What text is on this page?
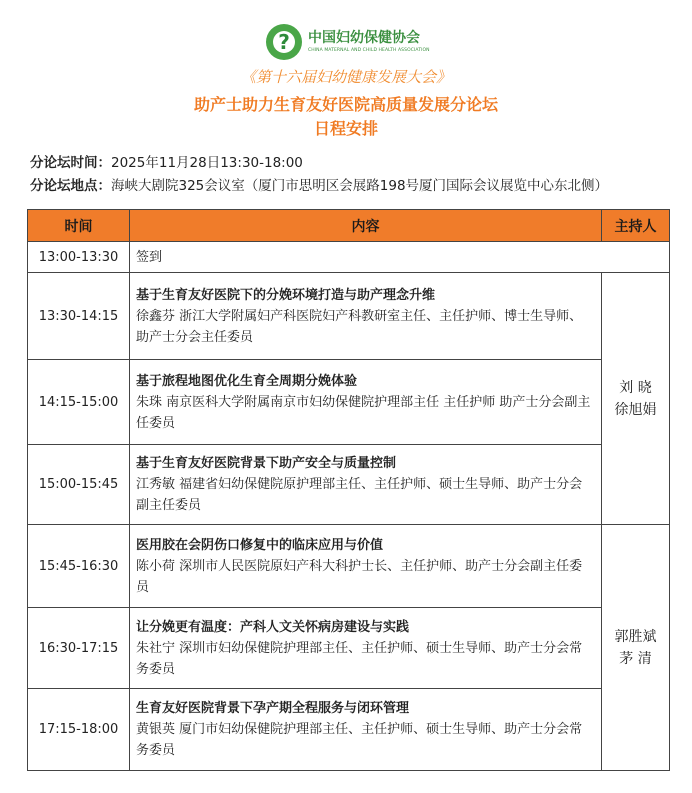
?
中国妇幼保健协会
CHINA MATERNAL AND CHILD HEALTH ASSOCIATION
《第十六届妇幼健康发展大会》
助产士助力生育友好医院高质量发展分论坛
日程安排
分论坛时间：2025年11月28日13:30-18:00
分论坛地点：海峡大剧院325会议室（厦门市思明区会展路198号厦门国际会议展览中心东北侧）
时间	内容	主持人
13:00-13:30	签到	
13:30-14:15	基于生育友好医院下的分娩环境打造与助产理念升维
徐鑫芬 浙江大学附属妇产科医院妇产科教研室主任、主任护师、博士生导师、助产士分会主任委员	刘 晓
徐旭娟

14:15-15:00	基于旅程地图优化生育全周期分娩体验
朱珠 南京医科大学附属南京市妇幼保健院护理部主任 主任护师 助产士分会副主任委员	

15:00-15:45	基于生育友好医院背景下助产安全与质量控制
江秀敏 福建省妇幼保健院原护理部主任、主任护师、硕士生导师、助产士分会副主任委员	

15:45-16:30	医用胶在会阴伤口修复中的临床应用与价值
陈小荷 深圳市人民医院原妇产科大科护士长、主任护师、助产士分会副主任委员	郭胜斌
茅 清

16:30-17:15	让分娩更有温度：产科人文关怀病房建设与实践
朱社宁 深圳市妇幼保健院护理部主任、主任护师、硕士生导师、助产士分会常务委员	

17:15-18:00	生育友好医院背景下孕产期全程服务与闭环管理
黄银英 厦门市妇幼保健院护理部主任、主任护师、硕士生导师、助产士分会常务委员	
